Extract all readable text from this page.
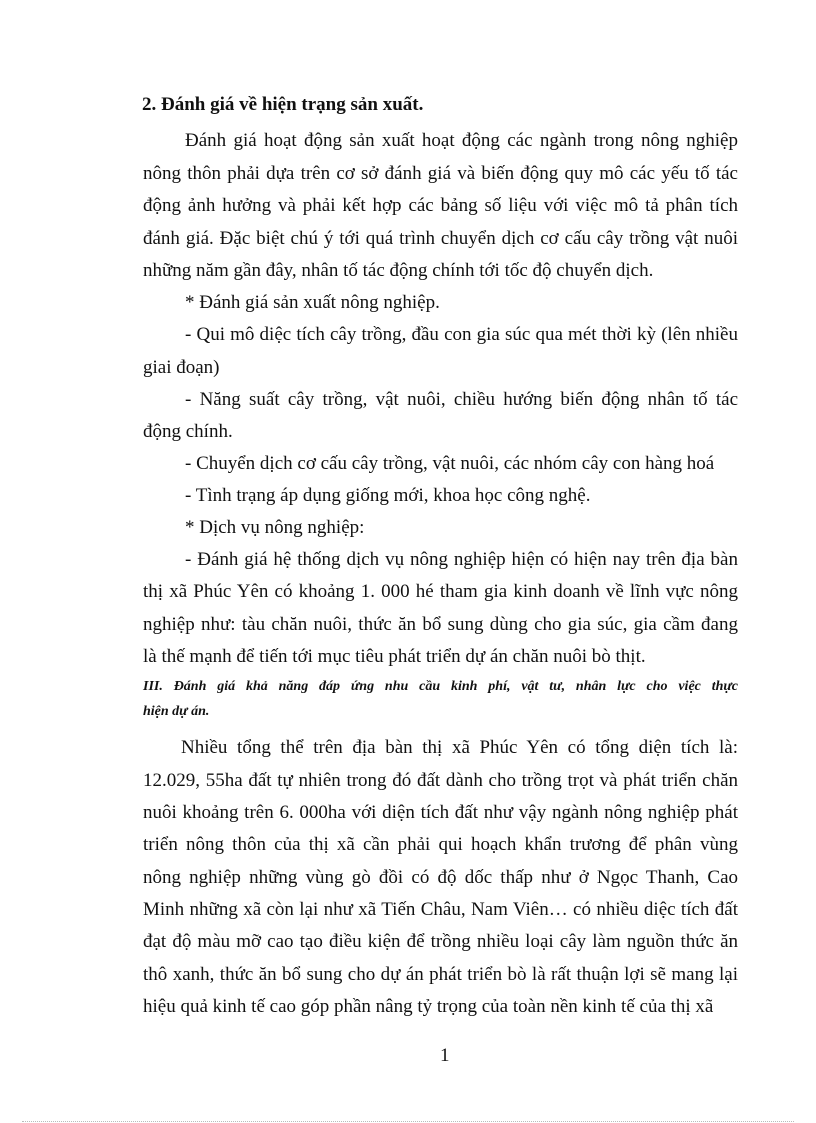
2. Đánh giá về hiện trạng sản xuất.
Đánh giá hoạt động sản xuất hoạt động các ngành trong nông nghiệp
nông thôn phải dựa trên cơ sở đánh giá và biến động quy mô các yếu tố tác
động ảnh hưởng và phải kết hợp các bảng số liệu với việc mô tả phân tích
đánh giá. Đặc biệt chú ý tới quá trình chuyển dịch cơ cấu cây trồng vật nuôi
những năm gần đây, nhân tố tác động chính tới tốc độ chuyển dịch.
* Đánh giá sản xuất nông nghiệp.
- Qui mô diệc tích cây trồng, đầu con gia súc qua mét thời kỳ (lên nhiều
giai đoạn)
- Năng suất cây trồng, vật nuôi, chiều hướng biến động nhân tố tác
động chính.
- Chuyển dịch cơ cấu cây trồng, vật nuôi, các nhóm cây con hàng hoá
- Tình trạng áp dụng giống mới, khoa học công nghệ.
* Dịch vụ nông nghiệp:
- Đánh giá hệ thống dịch vụ nông nghiệp hiện có hiện nay trên địa bàn
thị xã Phúc Yên có khoảng 1. 000 hé tham gia kinh doanh về lĩnh vực nông
nghiệp như: tàu chăn nuôi, thức ăn bổ sung dùng cho gia súc, gia cầm đang
là thế mạnh để tiến tới mục tiêu phát triển dự án chăn nuôi bò thịt.
III. Đánh giá khả năng đáp ứng nhu cầu kinh phí, vật tư, nhân lực cho việc thực
hiện dự án.
Nhiều tổng thể trên địa bàn thị xã Phúc Yên có tổng diện tích là:
12.029, 55ha đất tự nhiên trong đó đất dành cho trồng trọt và phát triển chăn
nuôi khoảng trên 6. 000ha với diện tích đất như vậy ngành nông nghiệp phát
triển nông thôn của thị xã cần phải qui hoạch khẩn trương để phân vùng
nông nghiệp những vùng gò đồi có độ dốc thấp như ở Ngọc Thanh, Cao
Minh những xã còn lại như xã Tiến Châu, Nam Viên… có nhiều diệc tích đất
đạt độ màu mỡ cao tạo điều kiện để trồng nhiều loại cây làm nguồn thức ăn
thô xanh, thức ăn bổ sung cho dự án phát triển bò là rất thuận lợi sẽ mang lại
hiệu quả kinh tế cao góp phần nâng tỷ trọng của toàn nền kinh tế của thị xã
1
